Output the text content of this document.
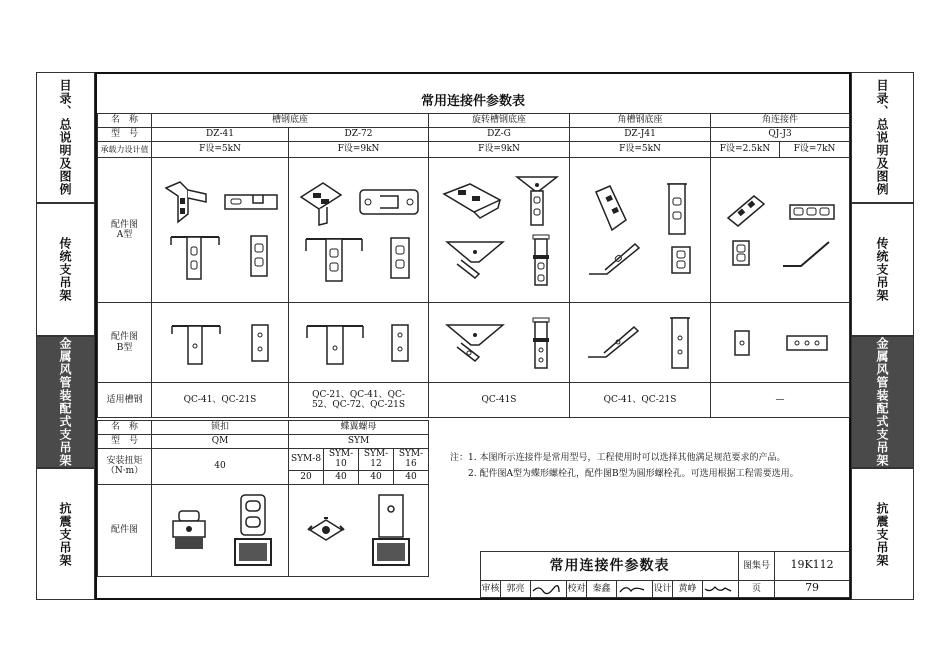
目录、总说明及图例
传统支吊架
金属风管装配式支吊架
抗震支吊架
目录、总说明及图例
传统支吊架
金属风管装配式支吊架
抗震支吊架
常用连接件参数表
名　称	槽钢底座		旋转槽钢底座	角槽钢底座	角连接件	
型　号	DZ-41	DZ-72	DZ-G	DZ-J41	QJ-J3	
承载力设计值	F设=5kN	F设=9kN	F设=9kN	F设=5kN	F设=2.5kN	F设=7kN
配件图A型	

配件图B型	

适用槽钢	QC-41、QC-21S	QC-21、QC-41、QC-52、QC-72、QC-21S	QC-41S	QC-41、QC-21S	—	
名　称	锁扣	蝶翼螺母			
型　号	QM	SYM			
安装扭矩（N·m）	40	SYM-8	SYM-10	SYM-12	SYM-16
		20	40	40	40
配件图	

注： 1. 本图所示连接件是常用型号，工程使用时可以选择其他满足规范要求的产品。
2. 配件图A型为蝶形螺栓孔，配件图B型为圆形螺栓孔。可选用根据工程需要选用。
常用连接件参数表									图集号	19K112
审核	郭亮		校对	秦鑫		设计	黄峥		页	79
